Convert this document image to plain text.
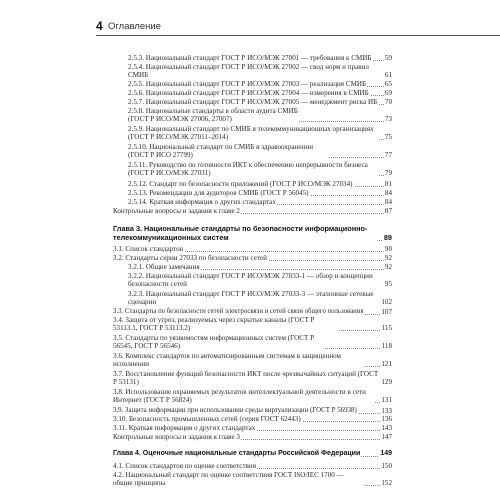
4 Оглавление
2.5.3. Национальный стандарт ГОСТ Р ИСО/МЭК 27001 — требования к СМИБ 59
2.5.4. Национальный стандарт ГОСТ Р ИСО/МЭК 27002 — свод норм и правил СМИБ	61
2.5.5. Национальный стандарт ГОСТ Р ИСО/МЭК 27003 — реализация СМИБ	65
2.5.6. Национальный стандарт ГОСТ Р ИСО/МЭК 27004 — измерения в СМИБ 69
2.5.7. Национальный стандарт ГОСТ Р ИСО/МЭК 27005 — менеджмент риска ИБ 70
2.5.8. Национальные стандарты в области аудита СМИБ (ГОСТ Р ИСО/МЭК 27006, 27007)	73
2.5.9. Национальный стандарт по СМИБ в телекоммуникационных организациях (ГОСТ Р ИСО/МЭК 27011–2014)	75
2.5.10. Национальный стандарт по СМИБ в здравоохранении (ГОСТ Р ИСО 27799)	77
2.5.11. Руководство по готовности ИКТ к обеспечению непрерывности бизнеса (ГОСТ Р ИСО/МЭК 27031)	79
2.5.12. Стандарт по безопасности приложений (ГОСТ Р ИСО/МЭК 27034)	81
2.5.13. Рекомендации для аудиторов СМИБ (ГОСТ Р 56045)	84
2.5.14. Краткая информация о других стандартах	84
Контрольные вопросы и задания к главе 2	87
Глава 3. Национальные стандарты по безопасности информационно-телекоммуникационных систем	89
3.1. Список стандартов	90
3.2. Стандарты серии 27033 по безопасности сетей	92
3.2.1. Общие замечания	92
3.2.2. Национальный стандарт ГОСТ Р ИСО/МЭК 27033-1 — обзор и концепции безопасности сетей	95
3.2.3. Национальный стандарт ГОСТ Р ИСО/МЭК 27033-3 — эталонные сетевые сценарии	102
3.3. Стандарты по безопасности сетей электросвязи и сетей связи общего пользования	107
3.4. Защита от угроз, реализуемых через скрытые каналы (ГОСТ Р 53113.1, ГОСТ Р 53113.2)	115
3.5. Стандарты по уязвимостям информационных систем (ГОСТ Р 56545, ГОСТ Р 56546)	118
3.6. Комплекс стандартов по автоматизированным системам в защищенном исполнении	121
3.7. Восстановление функций безопасности ИКТ после чрезвычайных ситуаций (ГОСТ Р 53131)	129
3.8. Использование охраняемых результатов интеллектуальной деятельности в сети Интернет (ГОСТ Р 56824)	131
3.9. Защита информации при использовании среды виртуализации (ГОСТ Р 56938)	133
3.10. Безопасность промышленных сетей (серия ГОСТ 62443)	136
3.11. Краткая информация о других стандартах	143
Контрольные вопросы и задания к главе 3	147
Глава 4. Оценочные национальные стандарты Российской Федерации	149
4.1. Список стандартов по оценке соответствия	150
4.2. Национальный стандарт по оценке соответствия ГОСТ ISO/IEC 1700 — общие принципы	152
